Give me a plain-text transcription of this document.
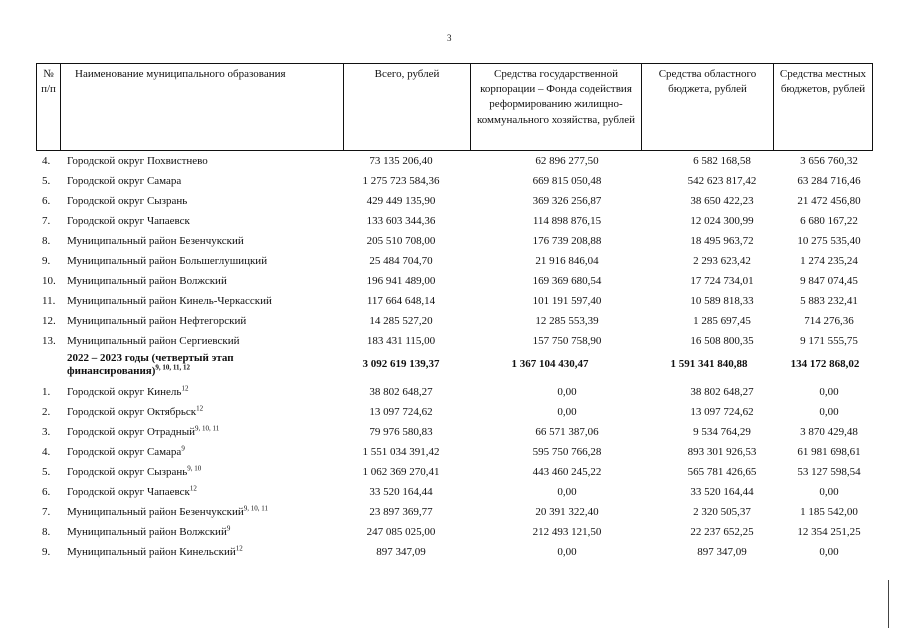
3
№ п/п	Наименование муниципального образования	Всего, рублей	Средства государственной корпорации – Фонда содействия реформированию жилищно-коммунального хозяйства, рублей	Средства областного бюджета, рублей	Средства местных бюджетов, рублей
4.	Городской округ Похвистнево	73 135 206,40	62 896 277,50	6 582 168,58	3 656 760,32
5.	Городской округ Самара	1 275 723 584,36	669 815 050,48	542 623 817,42	63 284 716,46
6.	Городской округ Сызрань	429 449 135,90	369 326 256,87	38 650 422,23	21 472 456,80
7.	Городской округ Чапаевск	133 603 344,36	114 898 876,15	12 024 300,99	6 680 167,22
8.	Муниципальный район Безенчукский	205 510 708,00	176 739 208,88	18 495 963,72	10 275 535,40
9.	Муниципальный район Большеглушицкий	25 484 704,70	21 916 846,04	2 293 623,42	1 274 235,24
10.	Муниципальный район Волжский	196 941 489,00	169 369 680,54	17 724 734,01	9 847 074,45
11.	Муниципальный район Кинель-Черкасский	117 664 648,14	101 191 597,40	10 589 818,33	5 883 232,41
12.	Муниципальный район Нефтегорский	14 285 527,20	12 285 553,39	1 285 697,45	714 276,36
13.	Муниципальный район Сергиевский	183 431 115,00	157 750 758,90	16 508 800,35	9 171 555,75
2022 – 2023 годы (четвертый этап финансирования)$^{9, 10, 11, 12}$	3 092 619 139,37	1 367 104 430,47	1 591 341 840,88	134 172 868,02
1.	Городской округ Кинель$^{12}$	38 802 648,27	0,00	38 802 648,27	0,00
2.	Городской округ Октябрьск$^{12}$	13 097 724,62	0,00	13 097 724,62	0,00
3.	Городской округ Отрадный$^{9, 10, 11}$	79 976 580,83	66 571 387,06	9 534 764,29	3 870 429,48
4.	Городской округ Самара$^9$	1 551 034 391,42	595 750 766,28	893 301 926,53	61 981 698,61
5.	Городской округ Сызрань$^{9, 10}$	1 062 369 270,41	443 460 245,22	565 781 426,65	53 127 598,54
6.	Городской округ Чапаевск$^{12}$	33 520 164,44	0,00	33 520 164,44	0,00
7.	Муниципальный район Безенчукский$^{9, 10, 11}$	23 897 369,77	20 391 322,40	2 320 505,37	1 185 542,00
8.	Муниципальный район Волжский$^9$	247 085 025,00	212 493 121,50	22 237 652,25	12 354 251,25
9.	Муниципальный район Кинельский$^{12}$	897 347,09	0,00	897 347,09	0,00
